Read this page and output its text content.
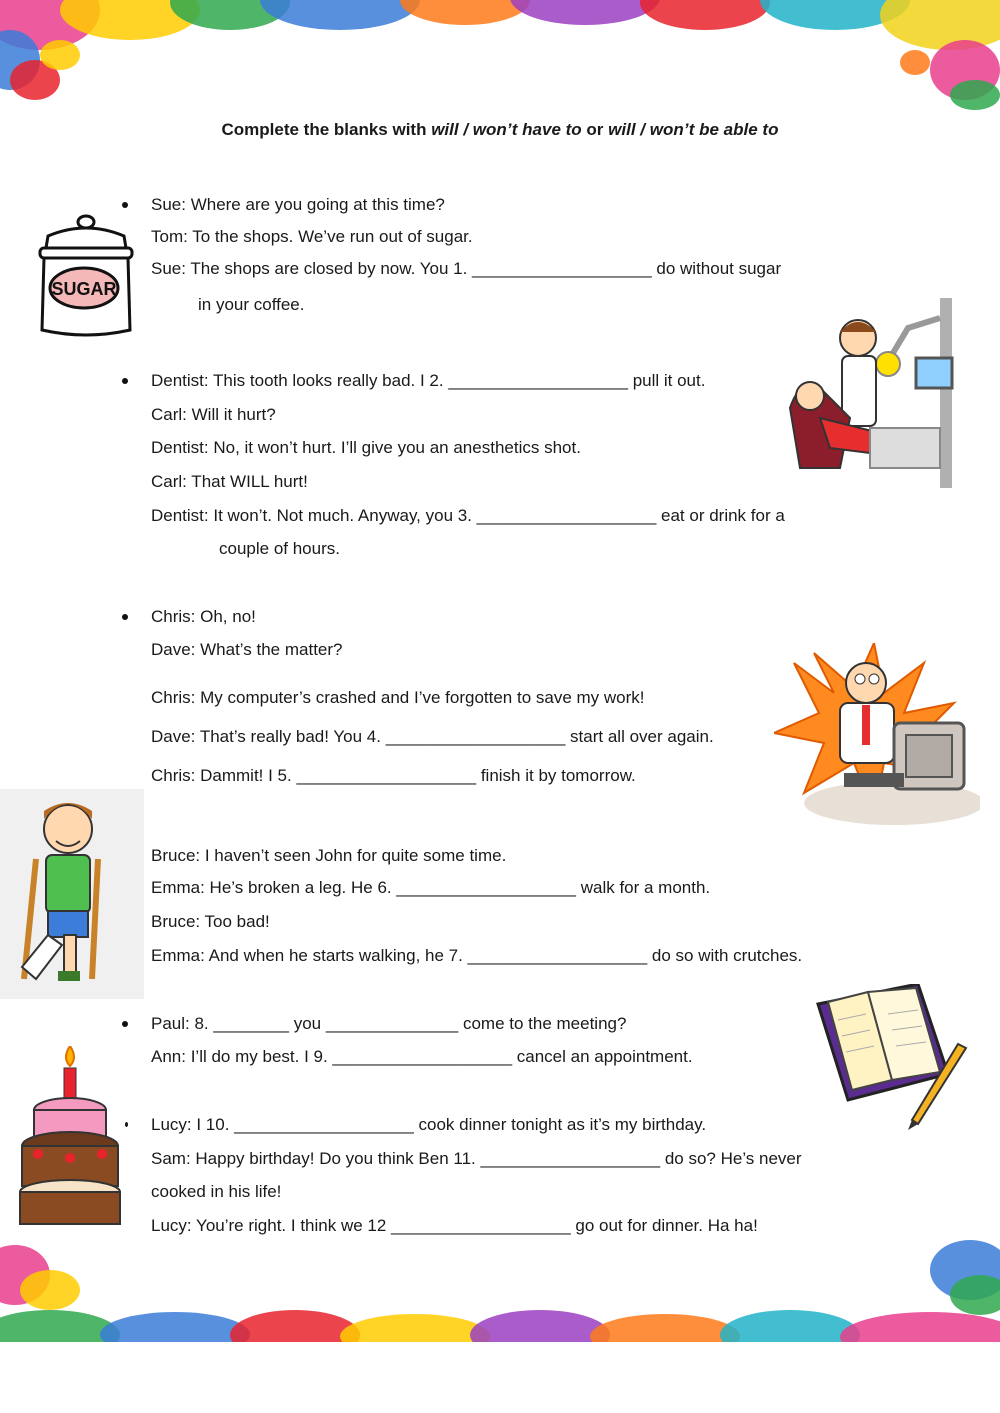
Complete the blanks with will / won’t have to or will / won’t be able to
Sue: Where are you going at this time?
Tom: To the shops. We’ve run out of sugar.
Sue: The shops are closed by now. You 1. ___________________ do without sugar
in your coffee.
Dentist: This tooth looks really bad. I 2. ___________________ pull it out.
Carl: Will it hurt?
Dentist: No, it won’t hurt. I’ll give you an anesthetics shot.
Carl: That WILL hurt!
Dentist: It won’t. Not much. Anyway, you 3. ___________________ eat or drink for a
couple of hours.
Chris: Oh, no!
Dave: What’s the matter?
Chris: My computer’s crashed and I’ve forgotten to save my work!
Dave: That’s really bad! You 4. ___________________ start all over again.
Chris: Dammit! I 5. ___________________ finish it by tomorrow.
Bruce: I haven’t seen John for quite some time.
Emma: He’s broken a leg. He 6. ___________________ walk for a month.
Bruce: Too bad!
Emma: And when he starts walking, he 7. ___________________ do so with crutches.
Paul: 8. ________ you ______________ come to the meeting?
Ann: I’ll do my best. I 9. ___________________ cancel an appointment.
Lucy: I 10. ___________________ cook dinner tonight as it’s my birthday.
Sam: Happy birthday! Do you think Ben 11. ___________________ do so? He’s never
cooked in his life!
Lucy: You’re right. I think we 12 ___________________ go out for dinner. Ha ha!
SUGAR
